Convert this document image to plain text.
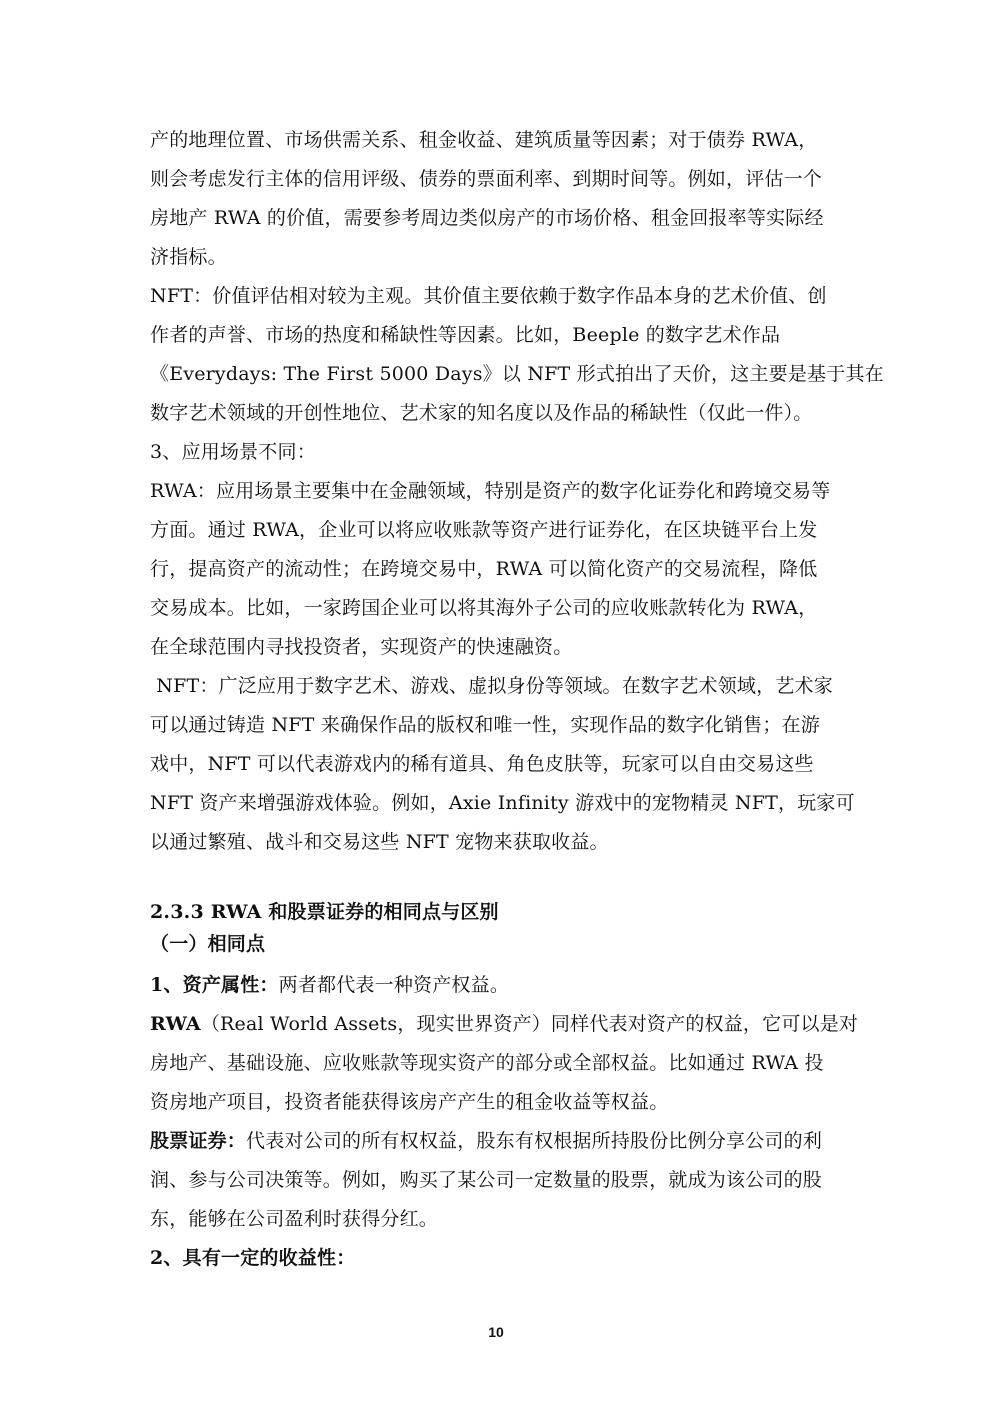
产的地理位置、市场供需关系、租金收益、建筑质量等因素；对于债券 RWA，
则会考虑发行主体的信用评级、债券的票面利率、到期时间等。例如，评估一个
房地产 RWA 的价值，需要参考周边类似房产的市场价格、租金回报率等实际经
济指标。
NFT：价值评估相对较为主观。其价值主要依赖于数字作品本身的艺术价值、创
作者的声誉、市场的热度和稀缺性等因素。比如，Beeple 的数字艺术作品
《Everydays: The First 5000 Days》以 NFT 形式拍出了天价，这主要是基于其在
数字艺术领域的开创性地位、艺术家的知名度以及作品的稀缺性（仅此一件）。
3、应用场景不同：
RWA：应用场景主要集中在金融领域，特别是资产的数字化证券化和跨境交易等
方面。通过 RWA，企业可以将应收账款等资产进行证券化，在区块链平台上发
行，提高资产的流动性；在跨境交易中，RWA 可以简化资产的交易流程，降低
交易成本。比如，一家跨国企业可以将其海外子公司的应收账款转化为 RWA，
在全球范围内寻找投资者，实现资产的快速融资。
NFT：广泛应用于数字艺术、游戏、虚拟身份等领域。在数字艺术领域，艺术家
可以通过铸造 NFT 来确保作品的版权和唯一性，实现作品的数字化销售；在游
戏中，NFT 可以代表游戏内的稀有道具、角色皮肤等，玩家可以自由交易这些
NFT 资产来增强游戏体验。例如，Axie Infinity 游戏中的宠物精灵 NFT，玩家可
以通过繁殖、战斗和交易这些 NFT 宠物来获取收益。
2.3.3 RWA 和股票证券的相同点与区别
（一）相同点
1、资产属性：两者都代表一种资产权益。
RWA（Real World Assets，现实世界资产）同样代表对资产的权益，它可以是对
房地产、基础设施、应收账款等现实资产的部分或全部权益。比如通过 RWA 投
资房地产项目，投资者能获得该房产产生的租金收益等权益。
股票证券：代表对公司的所有权权益，股东有权根据所持股份比例分享公司的利
润、参与公司决策等。例如，购买了某公司一定数量的股票，就成为该公司的股
东，能够在公司盈利时获得分红。
2、具有一定的收益性：
10
